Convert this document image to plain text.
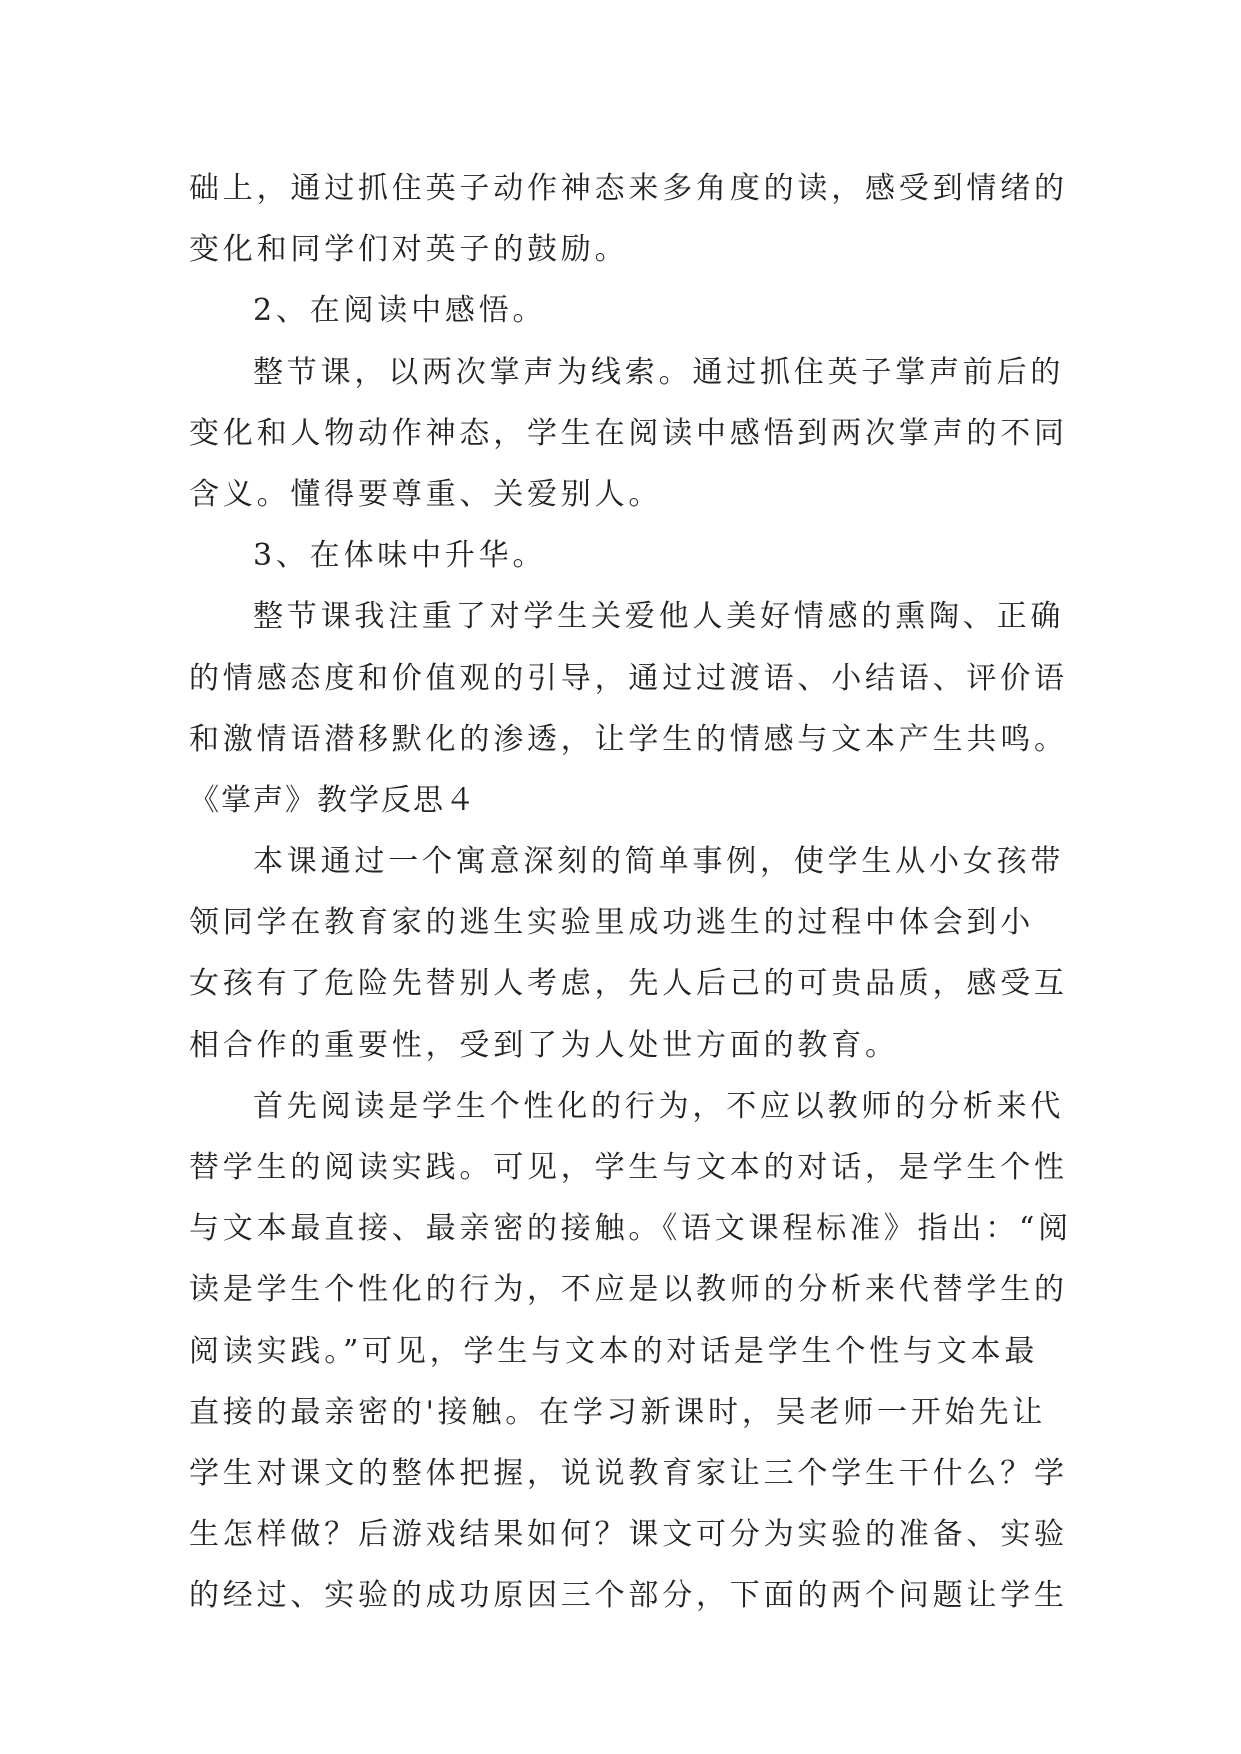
础上，通过抓住英子动作神态来多角度的读，感受到情绪的
变化和同学们对英子的鼓励。
2、在阅读中感悟。
整节课，以两次掌声为线索。通过抓住英子掌声前后的
变化和人物动作神态，学生在阅读中感悟到两次掌声的不同
含义。懂得要尊重、关爱别人。
3、在体味中升华。
整节课我注重了对学生关爱他人美好情感的熏陶、正确
的情感态度和价值观的引导，通过过渡语、小结语、评价语
和激情语潜移默化的渗透，让学生的情感与文本产生共鸣。
《掌声》教学反思４
本课通过一个寓意深刻的简单事例，使学生从小女孩带
领同学在教育家的逃生实验里成功逃生的过程中体会到小
女孩有了危险先替别人考虑，先人后己的可贵品质，感受互
相合作的重要性，受到了为人处世方面的教育。
首先阅读是学生个性化的行为，不应以教师的分析来代
替学生的阅读实践。可见，学生与文本的对话，是学生个性
与文本最直接、最亲密的接触。《语文课程标准》指出：“阅
读是学生个性化的行为，不应是以教师的分析来代替学生的
阅读实践。”可见，学生与文本的对话是学生个性与文本最
直接的最亲密的'接触。在学习新课时，吴老师一开始先让
学生对课文的整体把握，说说教育家让三个学生干什么？学
生怎样做？后游戏结果如何？课文可分为实验的准备、实验
的经过、实验的成功原因三个部分，下面的两个问题让学生
